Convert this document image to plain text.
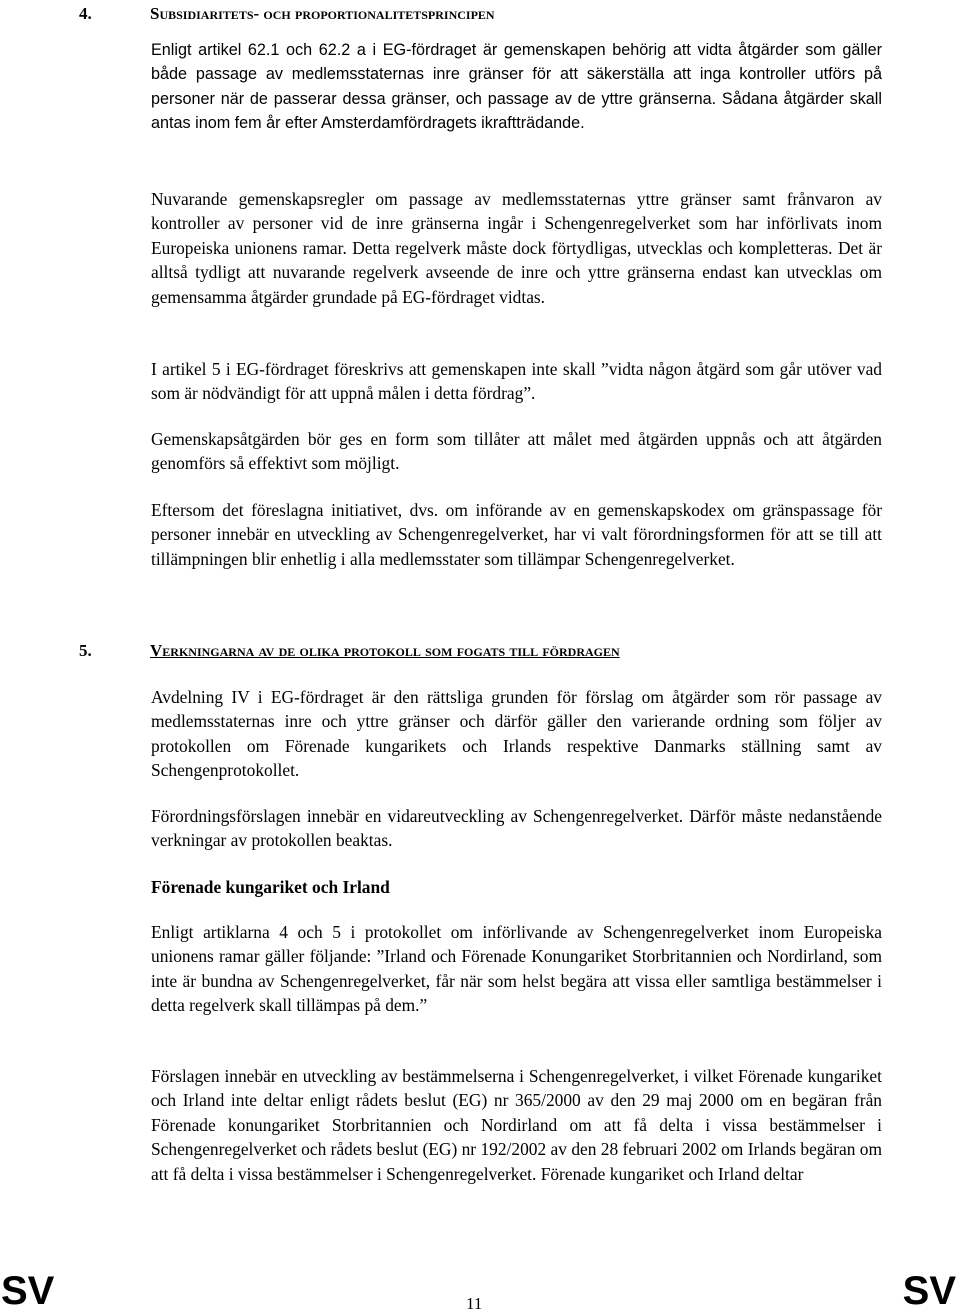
4.	Subsidiaritets- och proportionalitetsprincipen

Enligt artikel 62.1 och 62.2 a i EG-fördraget är gemenskapen behörig att vidta åtgärder som gäller både passage av medlemsstaternas inre gränser för att säkerställa att inga kontroller utförs på personer när de passerar dessa gränser, och passage av de yttre gränserna. Sådana åtgärder skall antas inom fem år efter Amsterdamfördragets ikraftträdande.

Nuvarande gemenskapsregler om passage av medlemsstaternas yttre gränser samt frånvaron av kontroller av personer vid de inre gränserna ingår i Schengenregelverket som har införlivats inom Europeiska unionens ramar. Detta regelverk måste dock förtydligas, utvecklas och kompletteras. Det är alltså tydligt att nuvarande regelverk avseende de inre och yttre gränserna endast kan utvecklas om gemensamma åtgärder grundade på EG-fördraget vidtas.

I artikel 5 i EG-fördraget föreskrivs att gemenskapen inte skall ”vidta någon åtgärd som går utöver vad som är nödvändigt för att uppnå målen i detta fördrag”.

Gemenskapsåtgärden bör ges en form som tillåter att målet med åtgärden uppnås och att åtgärden genomförs så effektivt som möjligt.

Eftersom det föreslagna initiativet, dvs. om införande av en gemenskapskodex om gränspassage för personer innebär en utveckling av Schengenregelverket, har vi valt förordningsformen för att se till att tillämpningen blir enhetlig i alla medlemsstater som tillämpar Schengenregelverket.

5.	Verkningarna av de olika protokoll som fogats till fördragen

Avdelning IV i EG-fördraget är den rättsliga grunden för förslag om åtgärder som rör passage av medlemsstaternas inre och yttre gränser och därför gäller den varierande ordning som följer av protokollen om Förenade kungarikets och Irlands respektive Danmarks ställning samt av Schengenprotokollet.

Förordningsförslagen innebär en vidareutveckling av Schengenregelverket. Därför måste nedanstående verkningar av protokollen beaktas.

Förenade kungariket och Irland

Enligt artiklarna 4 och 5 i protokollet om införlivande av Schengenregelverket inom Europeiska unionens ramar gäller följande: ”Irland och Förenade Konungariket Storbritannien och Nordirland, som inte är bundna av Schengenregelverket, får när som helst begära att vissa eller samtliga bestämmelser i detta regelverk skall tillämpas på dem.”

Förslagen innebär en utveckling av bestämmelserna i Schengenregelverket, i vilket Förenade kungariket och Irland inte deltar enligt rådets beslut (EG) nr 365/2000 av den 29 maj 2000 om en begäran från Förenade konungariket Storbritannien och Nordirland om att få delta i vissa bestämmelser i Schengenregelverket och rådets beslut (EG) nr 192/2002 av den 28 februari 2002 om Irlands begäran om att få delta i vissa bestämmelser i Schengenregelverket. Förenade kungariket och Irland deltar

SV	11	SV
